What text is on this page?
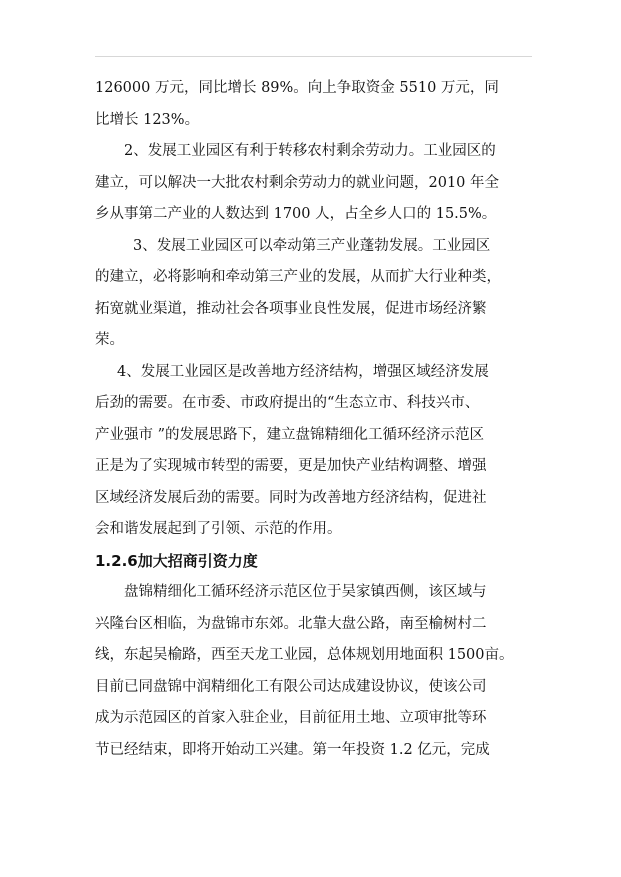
126000 万元，同比增长 89%。向上争取资金 5510 万元，同
比增长 123%。
2、发展工业园区有利于转移农村剩余劳动力。工业园区的
建立，可以解决一大批农村剩余劳动力的就业问题，2010 年全
乡从事第二产业的人数达到 1700 人，占全乡人口的 15.5%。
3、发展工业园区可以牵动第三产业蓬勃发展。工业园区
的建立，必将影响和牵动第三产业的发展，从而扩大行业种类，
拓宽就业渠道，推动社会各项事业良性发展，促进市场经济繁
荣。
4、发展工业园区是改善地方经济结构，增强区域经济发展
后劲的需要。在市委、市政府提出的“生态立市、科技兴市、
产业强市 ”的发展思路下，建立盘锦精细化工循环经济示范区
正是为了实现城市转型的需要，更是加快产业结构调整、增强
区域经济发展后劲的需要。同时为改善地方经济结构，促进社
会和谐发展起到了引领、示范的作用。
1.2.6加大招商引资力度
盘锦精细化工循环经济示范区位于吴家镇西侧，该区域与
兴隆台区相临，为盘锦市东郊。北靠大盘公路，南至榆树村二
线，东起吴榆路，西至天龙工业园，总体规划用地面积 1500亩。
目前已同盘锦中润精细化工有限公司达成建设协议，使该公司
成为示范园区的首家入驻企业，目前征用土地、立项审批等环
节已经结束，即将开始动工兴建。第一年投资 1.2 亿元，完成
